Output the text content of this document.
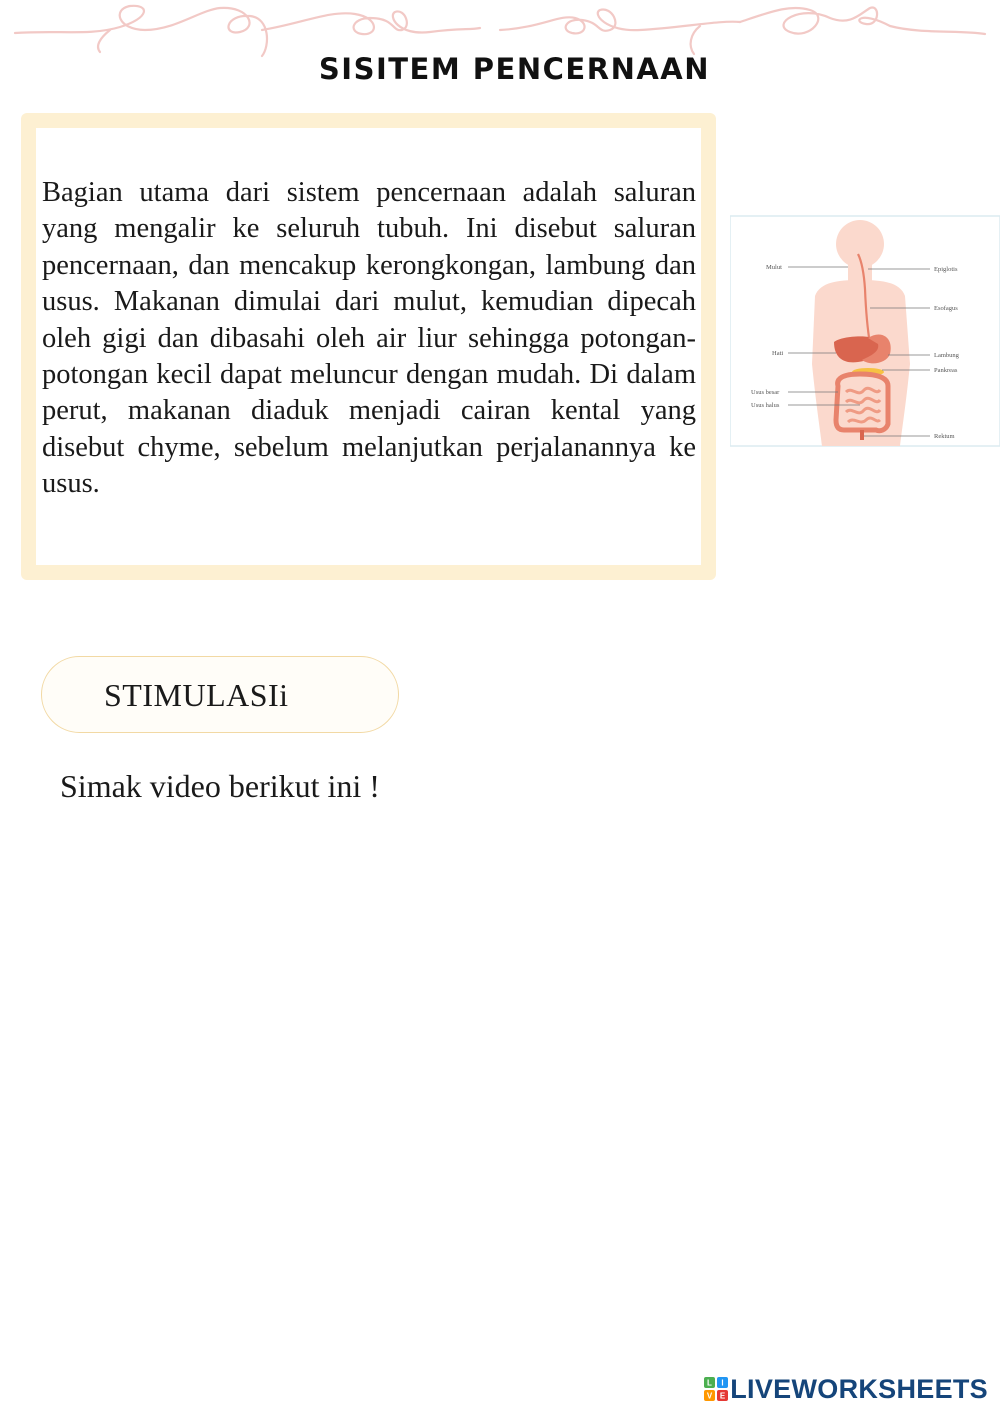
SISITEM PENCERNAAN

Bagian utama dari sistem pencernaan adalah saluran yang mengalir ke seluruh tubuh. Ini disebut saluran pencernaan, dan mencakup kerongkongan, lambung dan usus. Makanan dimulai dari mulut, kemudian dipecah oleh gigi dan dibasahi oleh air liur sehingga potongan-potongan kecil dapat meluncur dengan mudah. Di dalam perut, makanan diaduk menjadi cairan kental yang disebut chyme, sebelum melanjutkan perjalanannya ke usus.

Mulut	Epiglotis
Esofagus
Hati	Lambung
Pankreas
Usus besar
Usus halus
Rektum

STIMULASIi

Simak video berikut ini !

L I
V E LIVEWORKSHEETS
